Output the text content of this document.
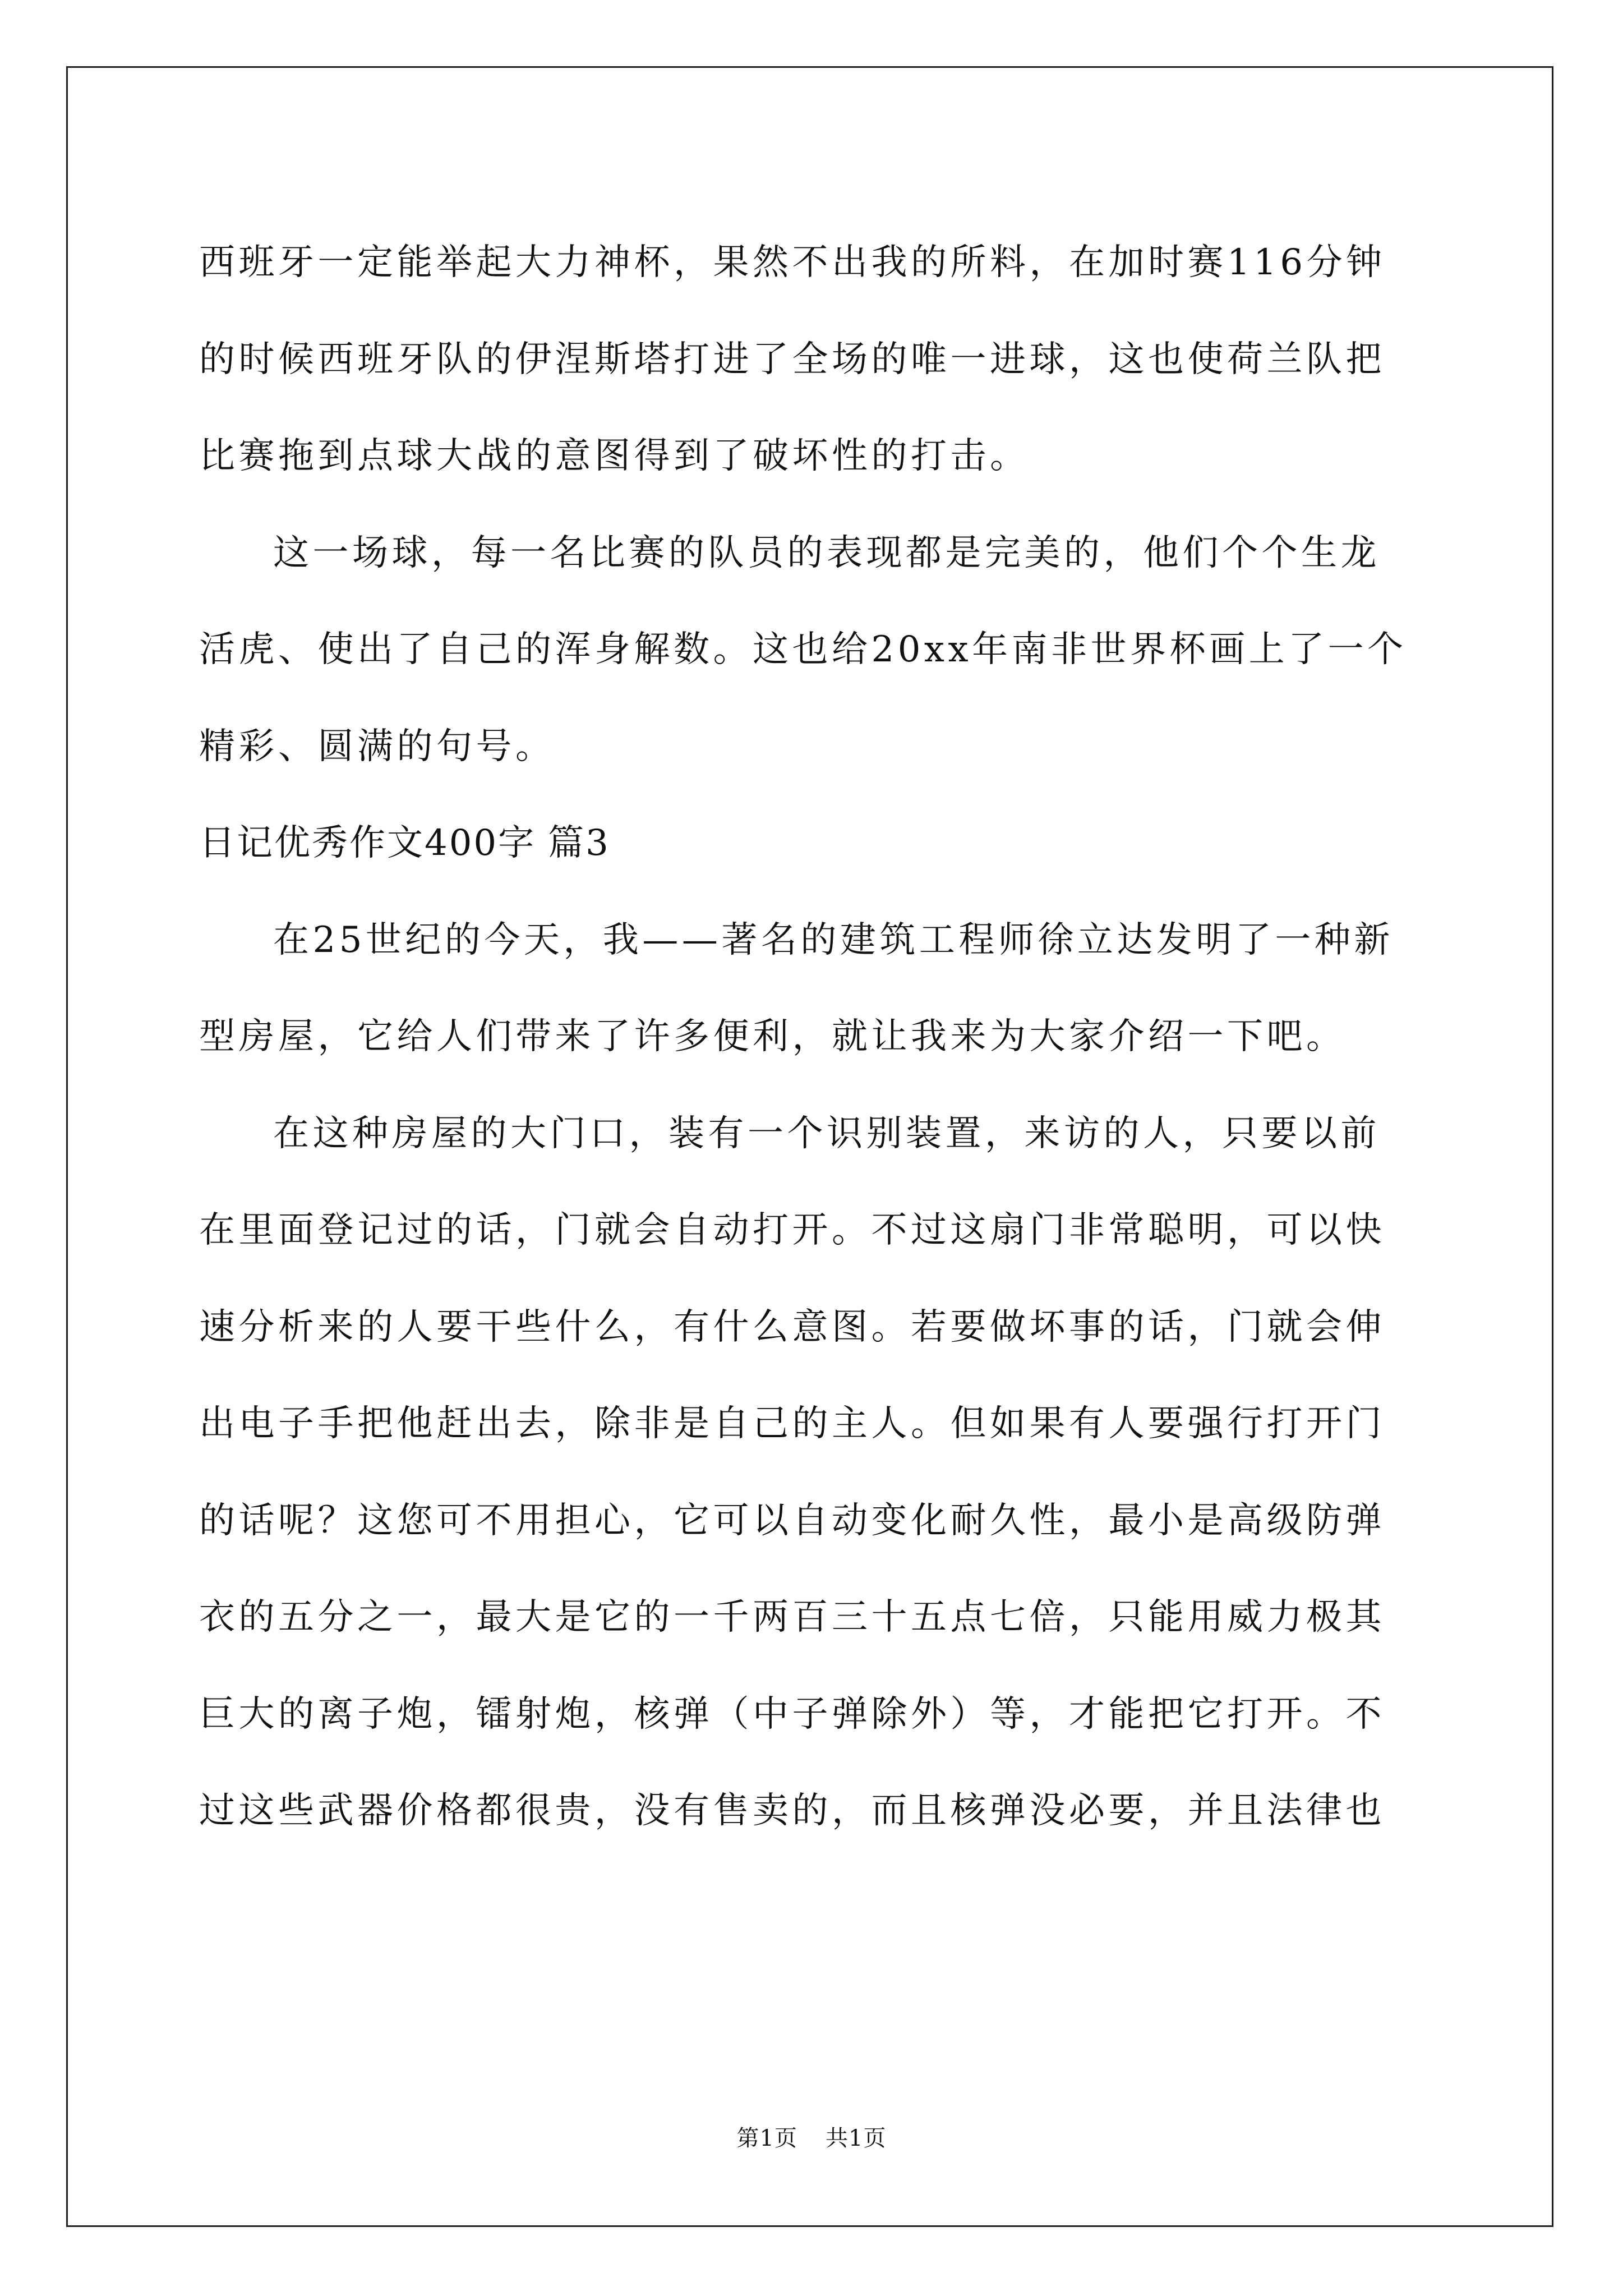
西班牙一定能举起大力神杯，果然不出我的所料，在加时赛116分钟
的时候西班牙队的伊涅斯塔打进了全场的唯一进球，这也使荷兰队把
比赛拖到点球大战的意图得到了破坏性的打击。
这一场球，每一名比赛的队员的表现都是完美的，他们个个生龙
活虎、使出了自己的浑身解数。这也给20xx年南非世界杯画上了一个
精彩、圆满的句号。
日记优秀作文400字 篇3
在25世纪的今天，我——著名的建筑工程师徐立达发明了一种新
型房屋，它给人们带来了许多便利，就让我来为大家介绍一下吧。
在这种房屋的大门口，装有一个识别装置，来访的人，只要以前
在里面登记过的话，门就会自动打开。不过这扇门非常聪明，可以快
速分析来的人要干些什么，有什么意图。若要做坏事的话，门就会伸
出电子手把他赶出去，除非是自己的主人。但如果有人要强行打开门
的话呢？这您可不用担心，它可以自动变化耐久性，最小是高级防弹
衣的五分之一，最大是它的一千两百三十五点七倍，只能用威力极其
巨大的离子炮，镭射炮，核弹（中子弹除外）等，才能把它打开。不
过这些武器价格都很贵，没有售卖的，而且核弹没必要，并且法律也
第1页 共1页
